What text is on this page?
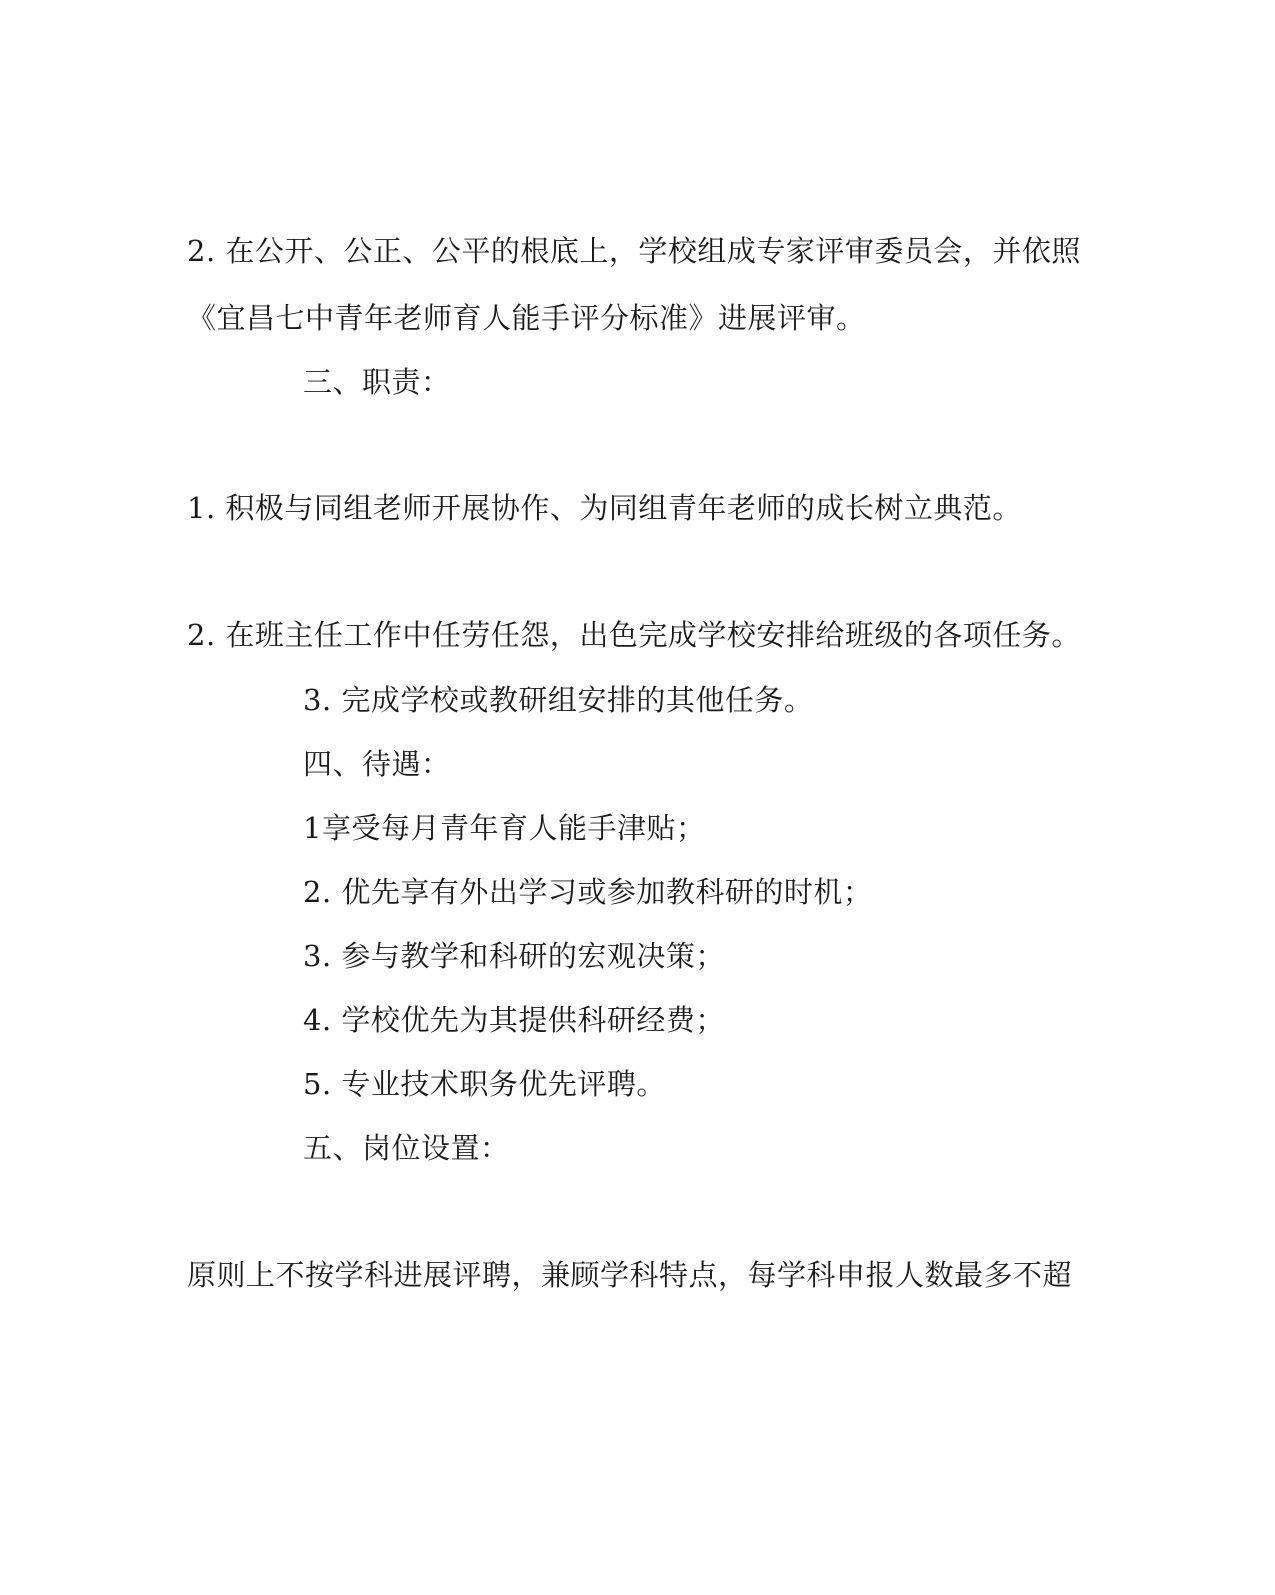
2. 在公开、公正、公平的根底上，学校组成专家评审委员会，并依照
《宜昌七中青年老师育人能手评分标准》进展评审。
三、职责：
1. 积极与同组老师开展协作、为同组青年老师的成长树立典范。
2. 在班主任工作中任劳任怨，出色完成学校安排给班级的各项任务。
3. 完成学校或教研组安排的其他任务。
四、待遇：
1享受每月青年育人能手津贴；
2. 优先享有外出学习或参加教科研的时机；
3. 参与教学和科研的宏观决策；
4. 学校优先为其提供科研经费；
5. 专业技术职务优先评聘。
五、岗位设置：
原则上不按学科进展评聘，兼顾学科特点，每学科申报人数最多不超
